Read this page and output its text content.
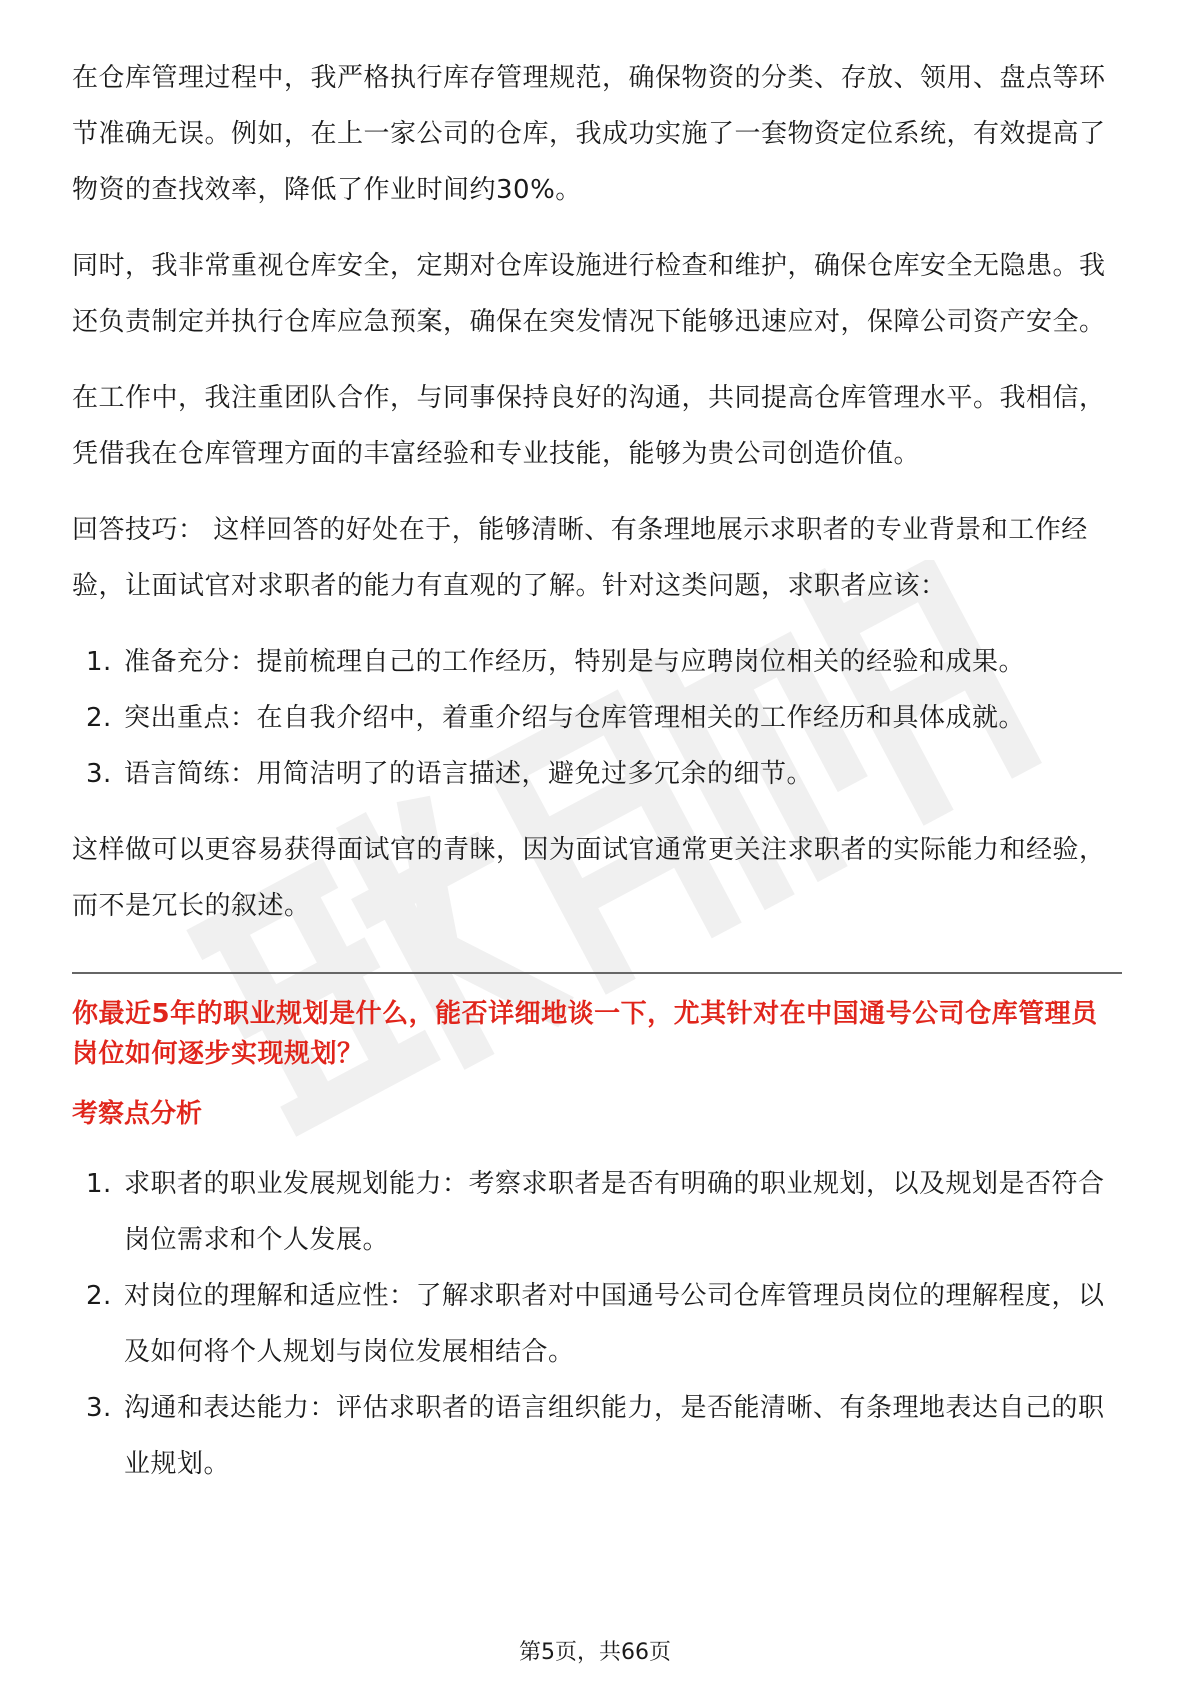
在仓库管理过程中，我严格执行库存管理规范，确保物资的分类、存放、领用、盘点等环节准确无误。例如，在上一家公司的仓库，我成功实施了一套物资定位系统，有效提高了物资的查找效率，降低了作业时间约30%。

同时，我非常重视仓库安全，定期对仓库设施进行检查和维护，确保仓库安全无隐患。我还负责制定并执行仓库应急预案，确保在突发情况下能够迅速应对，保障公司资产安全。

在工作中，我注重团队合作，与同事保持良好的沟通，共同提高仓库管理水平。我相信，凭借我在仓库管理方面的丰富经验和专业技能，能够为贵公司创造价值。

回答技巧： 这样回答的好处在于，能够清晰、有条理地展示求职者的专业背景和工作经验，让面试官对求职者的能力有直观的了解。针对这类问题，求职者应该：

1. 准备充分：提前梳理自己的工作经历，特别是与应聘岗位相关的经验和成果。
2. 突出重点：在自我介绍中，着重介绍与仓库管理相关的工作经历和具体成就。
3. 语言简练：用简洁明了的语言描述，避免过多冗余的细节。

这样做可以更容易获得面试官的青睐，因为面试官通常更关注求职者的实际能力和经验，而不是冗长的叙述。

你最近5年的职业规划是什么，能否详细地谈一下，尤其针对在中国通号公司仓库管理员岗位如何逐步实现规划？

考察点分析

1. 求职者的职业发展规划能力：考察求职者是否有明确的职业规划，以及规划是否符合岗位需求和个人发展。
2. 对岗位的理解和适应性：了解求职者对中国通号公司仓库管理员岗位的理解程度，以及如何将个人规划与岗位发展相结合。
3. 沟通和表达能力：评估求职者的语言组织能力，是否能清晰、有条理地表达自己的职业规划。
第5页，共66页
